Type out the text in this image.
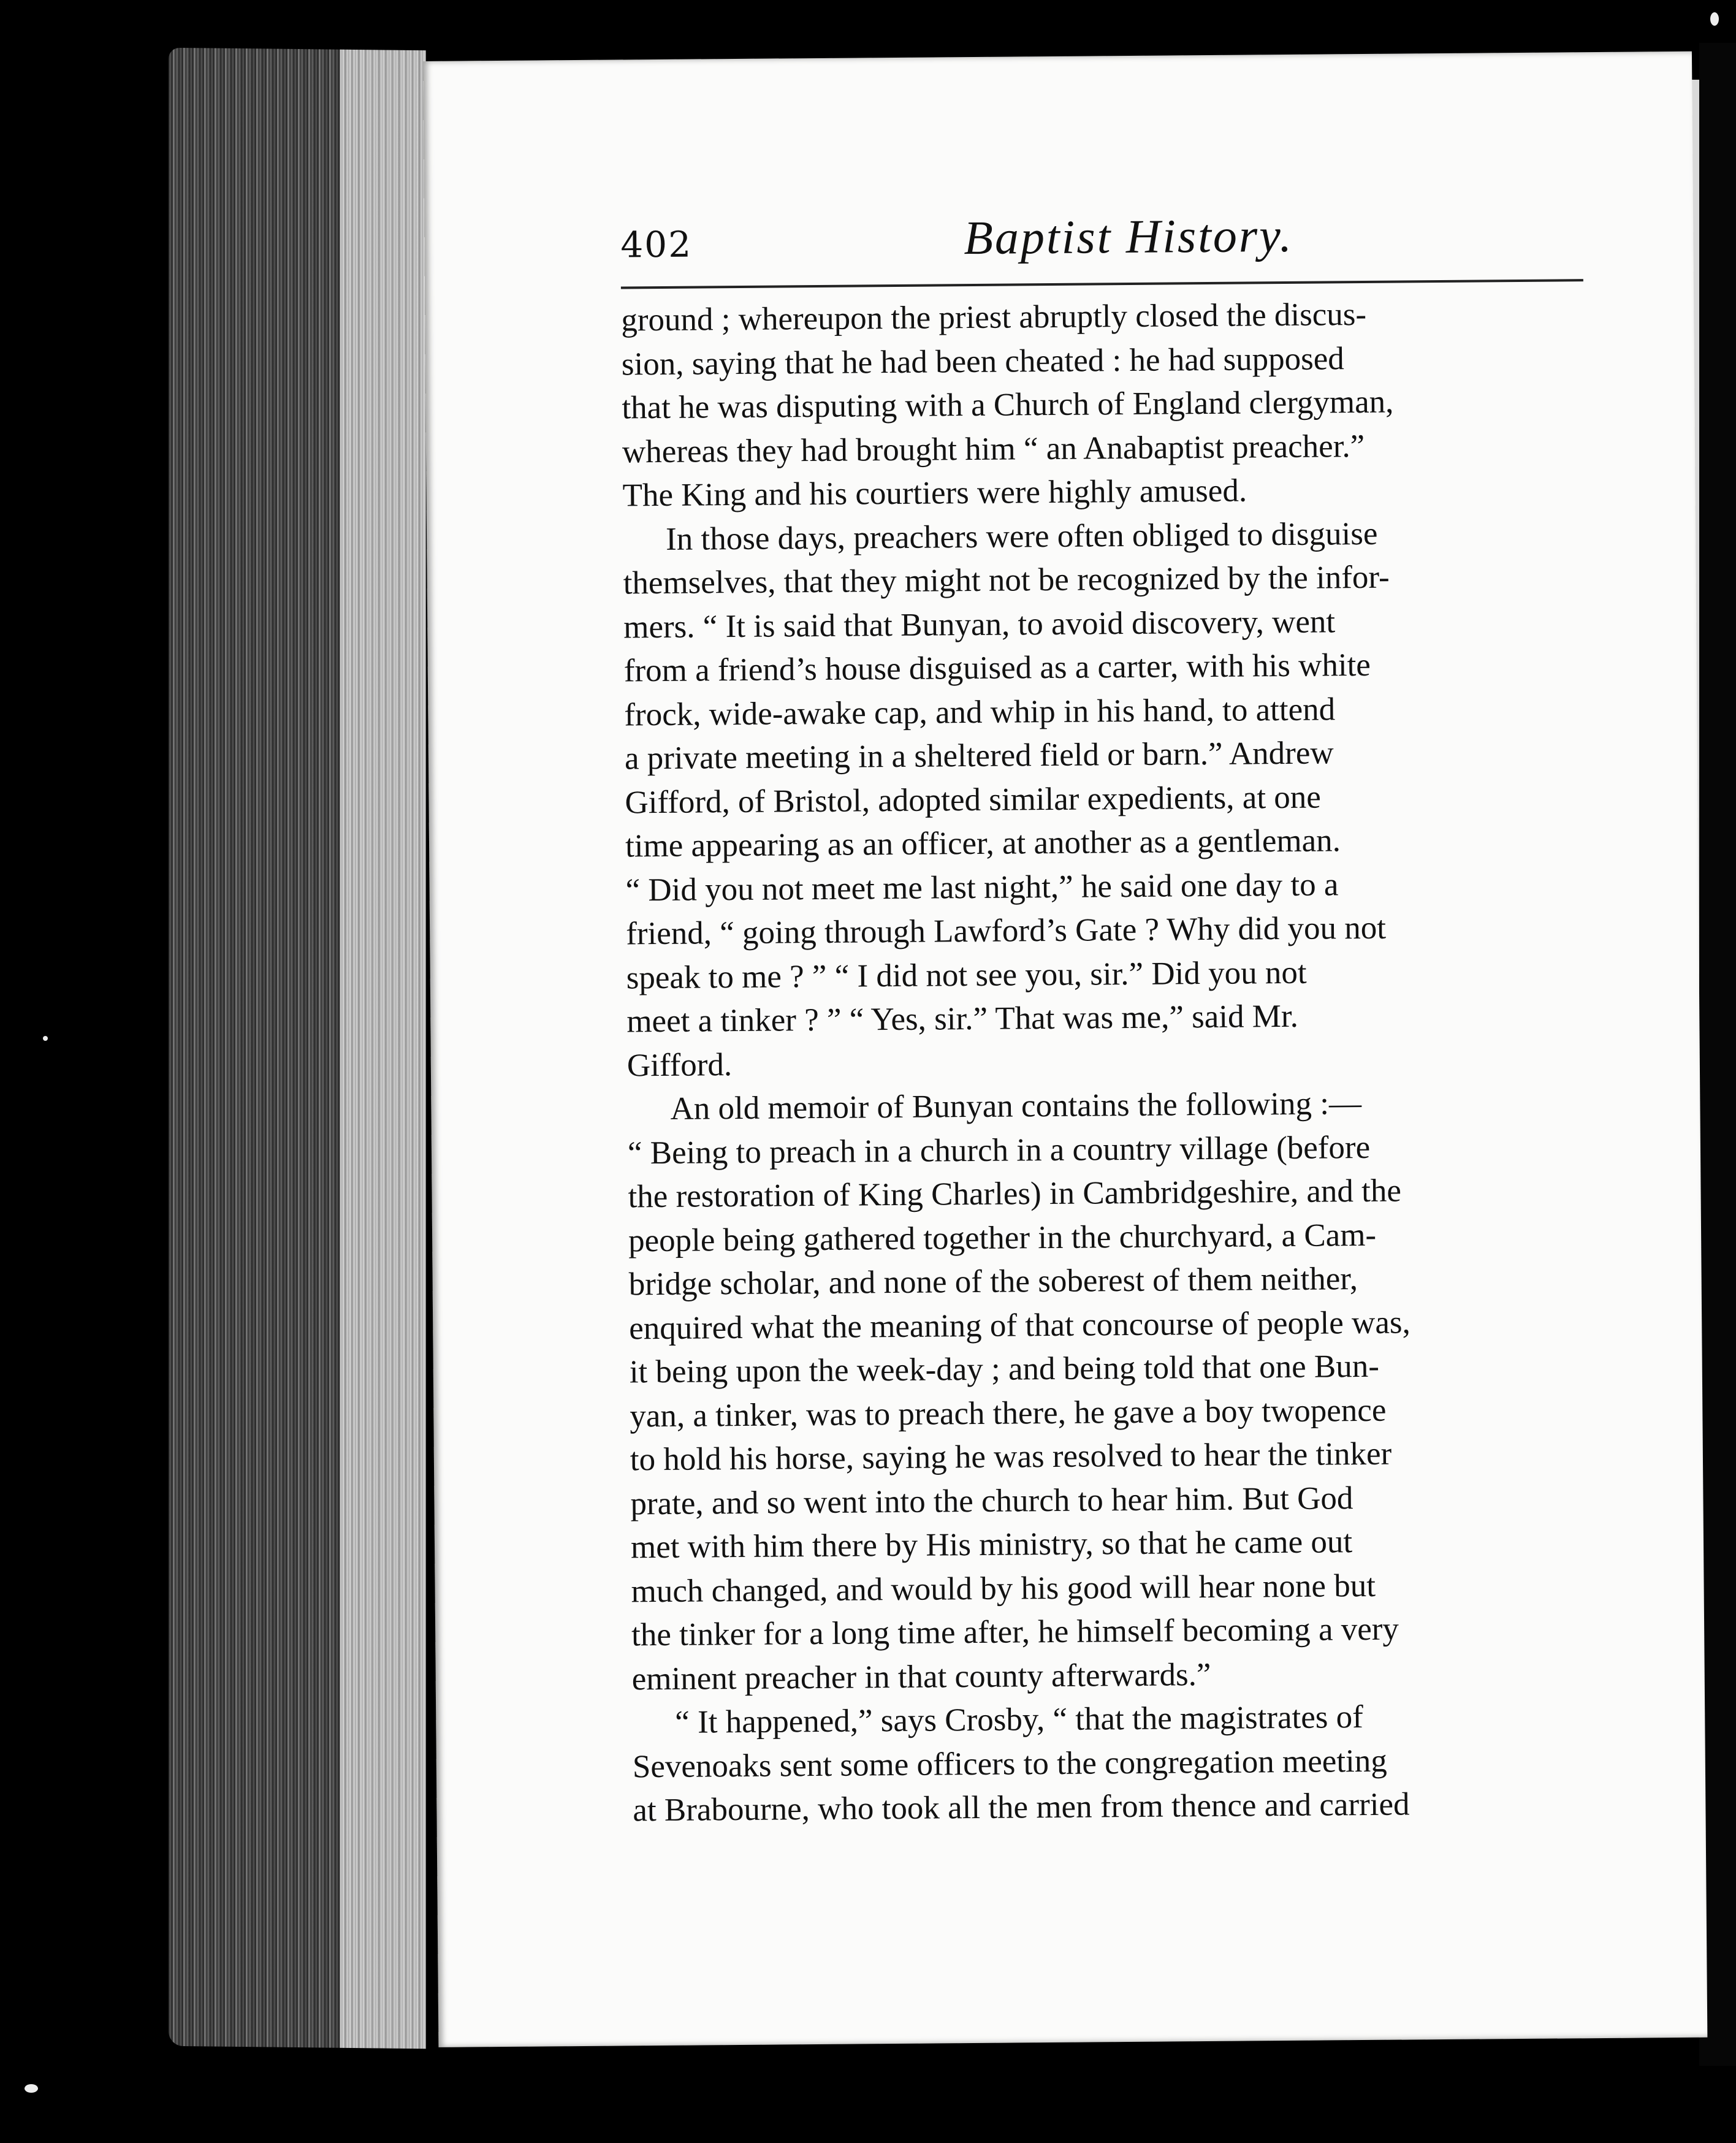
402	Baptist History.

ground ; whereupon the priest abruptly closed the discus-
sion, saying that he had been cheated : he had supposed
that he was disputing with a Church of England clergyman,
whereas they had brought him “ an Anabaptist preacher.”
The King and his courtiers were highly amused.

In those days, preachers were often obliged to disguise
themselves, that they might not be recognized by the infor-
mers. “ It is said that Bunyan, to avoid discovery, went
from a friend’s house disguised as a carter, with his white
frock, wide-awake cap, and whip in his hand, to attend
a private meeting in a sheltered field or barn.” Andrew
Gifford, of Bristol, adopted similar expedients, at one
time appearing as an officer, at another as a gentleman.
“ Did you not meet me last night,” he said one day to a
friend, “ going through Lawford’s Gate ? Why did you not
speak to me ? ” “ I did not see you, sir.” Did you not
meet a tinker ? ” “ Yes, sir.” That was me,” said Mr.
Gifford.

An old memoir of Bunyan contains the following :—
“ Being to preach in a church in a country village (before
the restoration of King Charles) in Cambridgeshire, and the
people being gathered together in the churchyard, a Cam-
bridge scholar, and none of the soberest of them neither,
enquired what the meaning of that concourse of people was,
it being upon the week-day ; and being told that one Bun-
yan, a tinker, was to preach there, he gave a boy twopence
to hold his horse, saying he was resolved to hear the tinker
prate, and so went into the church to hear him. But God
met with him there by His ministry, so that he came out
much changed, and would by his good will hear none but
the tinker for a long time after, he himself becoming a very
eminent preacher in that county afterwards.”

“ It happened,” says Crosby, “ that the magistrates of
Sevenoaks sent some officers to the congregation meeting
at Brabourne, who took all the men from thence and carried
